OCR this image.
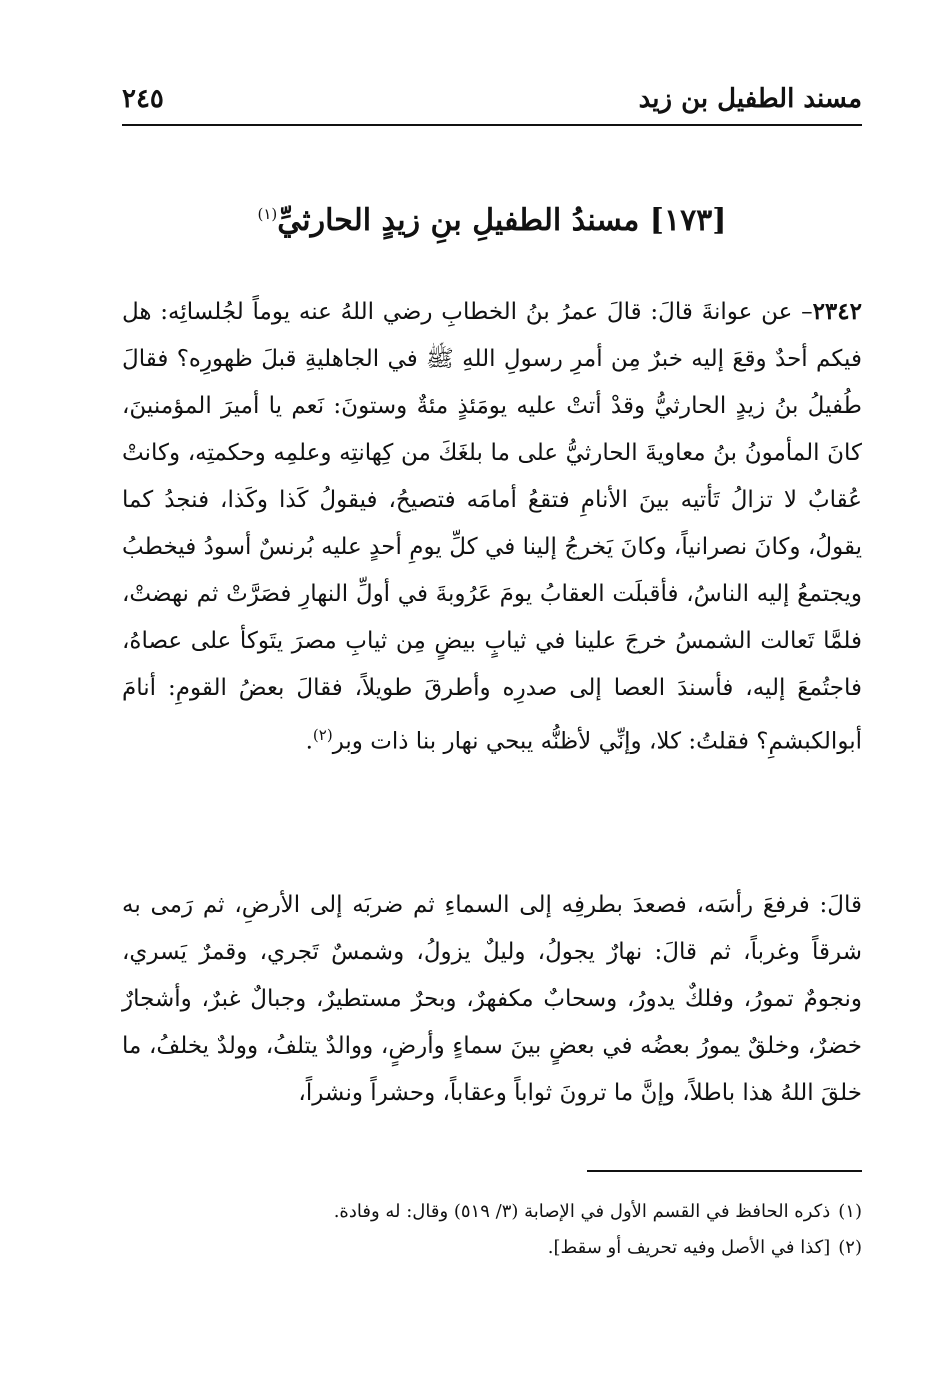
مسند الطفيل بن زيد
٢٤٥
[١٧٣] مسندُ الطفيلِ بنِ زيدٍ الحارثيِّ$^{(١)}$
٢٣٤٢– عن عوانةَ قالَ: قالَ عمرُ بنُ الخطابِ رضي اللهُ عنه يوماً لجُلسائِه: هل فيكم أحدٌ وقعَ إليه خبرٌ مِن أمرِ رسولِ اللهِ ﷺ في الجاهليةِ قبلَ ظهورِه؟ فقالَ طُفيلُ بنُ زيدٍ الحارثيُّ وقدْ أتتْ عليه يومَئذٍ مئةٌ وستونَ: نَعم يا أميرَ المؤمنينَ، كانَ المأمونُ بنُ معاويةَ الحارثيُّ على ما بلغَكَ من كِهانتِه وعلمِه وحكمتِه، وكانتْ عُقابٌ لا تزالُ تَأتيه بينَ الأنامِ فتقعُ أمامَه فتصيحُ، فيقولُ كَذا وكَذا، فنجدُ كما يقولُ، وكانَ نصرانياً، وكانَ يَخرجُ إلينا في كلِّ يومِ أحدٍ عليه بُرنسٌ أسودُ فيخطبُ ويجتمعُ إليه الناسُ، فأقبلَت العقابُ يومَ عَرُوبةَ في أولِّ النهارِ فصَرَّتْ ثم نهضتْ، فلمَّا تَعالت الشمسُ خرجَ علينا في ثيابٍ بيضٍ مِن ثيابِ مصرَ يتَوكأ على عصاهُ، فاجتُمعَ إليه، فأسندَ العصا إلى صدرِه وأطرقَ طويلاً، فقالَ بعضُ القومِ: أنامَ أبوالكبشمِ؟ فقلتُ: كلا، وإنِّي لأظنُّه يبحي نهار بنا ذات وبر$^{(٢)}$.
قالَ: فرفعَ رأسَه، فصعدَ بطرفِه إلى السماءِ ثم ضربَه إلى الأرضِ، ثم رَمى به شرقاً وغرباً، ثم قالَ: نهارٌ يجولُ، وليلٌ يزولُ، وشمسٌ تَجري، وقمرٌ يَسري، ونجومٌ تمورُ، وفلكٌ يدورُ، وسحابٌ مكفهرٌ، وبحرٌ مستطيرٌ، وجبالٌ غبرٌ، وأشجارٌ خضرٌ، وخلقٌ يمورُ بعضُه في بعضٍ بينَ سماءٍ وأرضٍ، ووالدٌ يتلفُ، وولدٌ يخلفُ، ما خلقَ اللهُ هذا باطلاً، وإنَّ ما ترونَ ثواباً وعقاباً، وحشراً ونشراً،
(١)ذكره الحافظ في القسم الأول في الإصابة (٣/ ٥١٩) وقال: له وفادة.
(٢)[كذا في الأصل وفيه تحريف أو سقط].
